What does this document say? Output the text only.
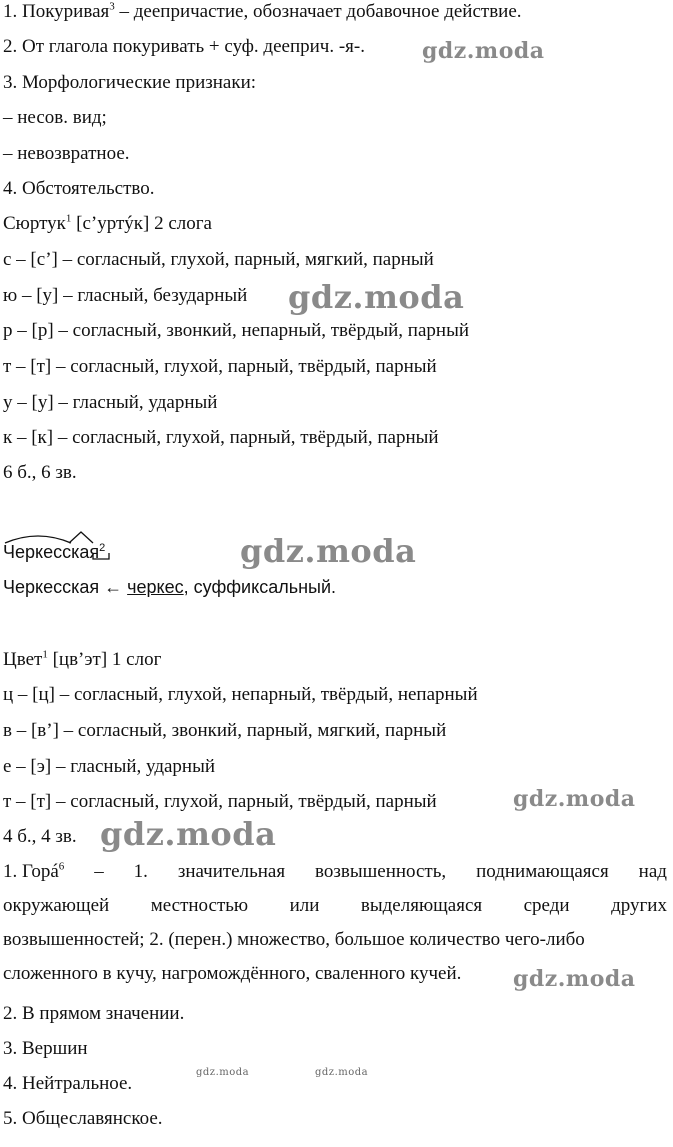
1. Покуривая$^3$ – деепричастие, обозначает добавочное действие.
2. От глагола покуривать + суф. дееприч. -я-.
3. Морфологические признаки:
– несов. вид;
– невозвратное.
4. Обстоятельство.
Сюртук$^1$ [с’уртýк] 2 слога
с – [с’] – согласный, глухой, парный, мягкий, парный
ю – [у] – гласный, безударный
р – [р] – согласный, звонкий, непарный, твёрдый, парный
т – [т] – согласный, глухой, парный, твёрдый, парный
у – [у] – гласный, ударный
к – [к] – согласный, глухой, парный, твёрдый, парный
6 б., 6 зв.
Черкесская$^2$
Черкесская ← черкес, суффиксальный.
Цвет$^1$ [цв’эт] 1 слог
ц – [ц] – согласный, глухой, непарный, твёрдый, непарный
в – [в’] – согласный, звонкий, парный, мягкий, парный
е – [э] – гласный, ударный
т – [т] – согласный, глухой, парный, твёрдый, парный
4 б., 4 зв.
1. Горá$^6$ – 1. значительная возвышенность, поднимающаяся над
окружающей местностью или выделяющаяся среди других
возвышенностей; 2. (перен.) множество, большое количество чего-либо
сложенного в кучу, нагромождённого, сваленного кучей.
2. В прямом значении.
3. Вершин
4. Нейтральное.
5. Общеславянское.
gdz.moda
gdz.moda
gdz.moda
gdz.moda
gdz.moda
gdz.moda
gdz.moda	gdz.moda
